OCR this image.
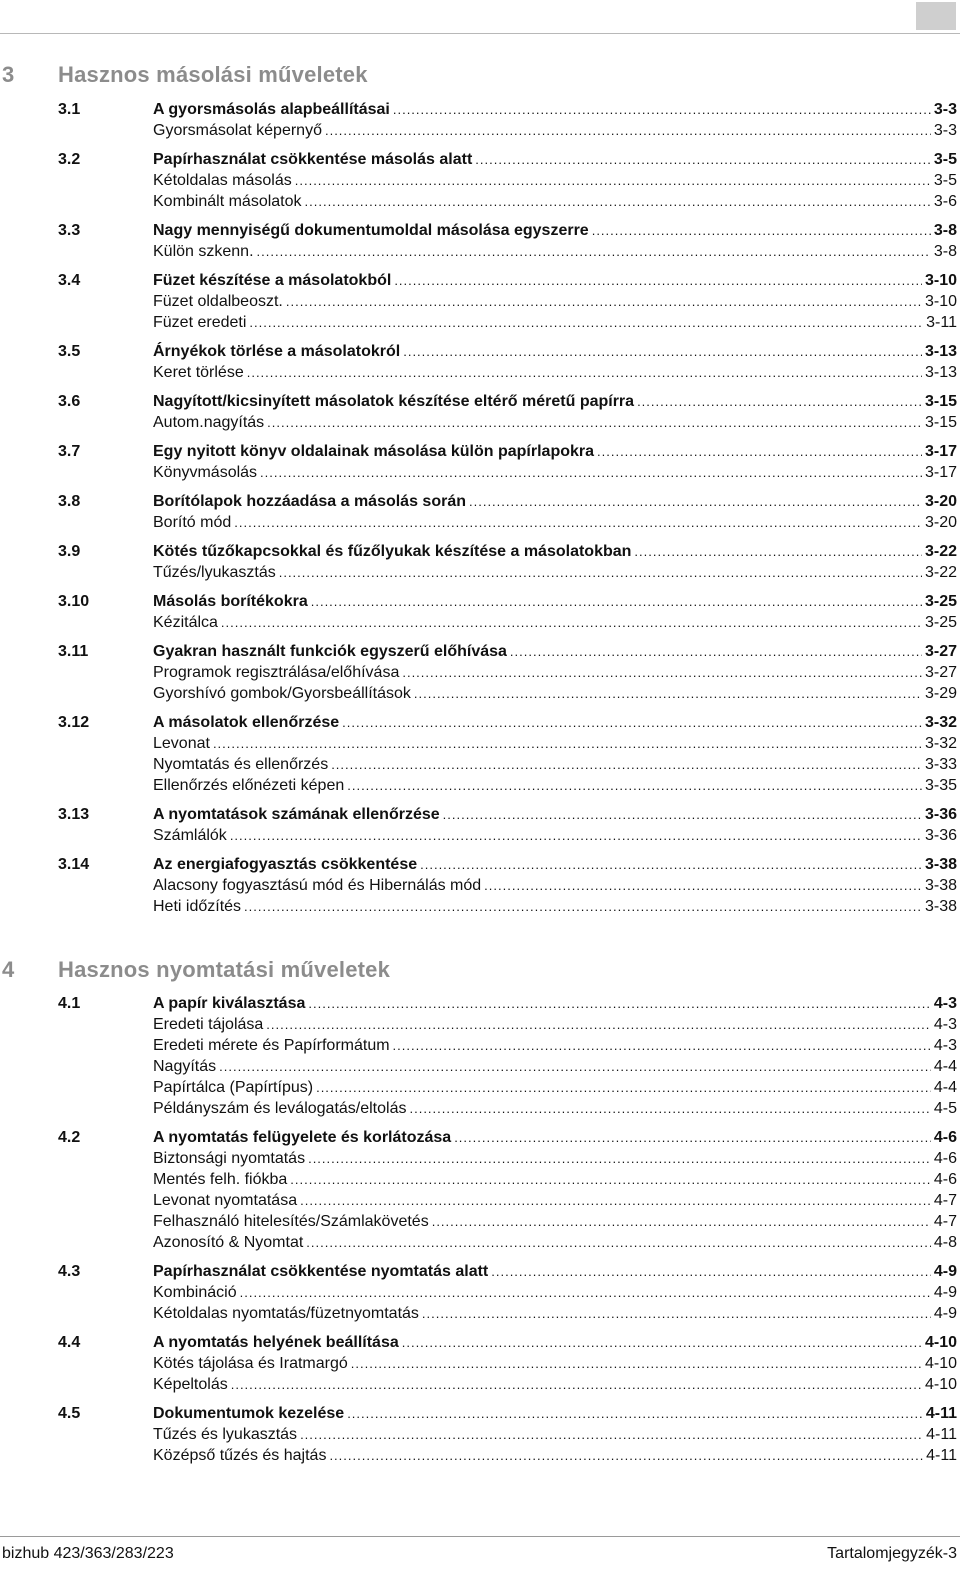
3 Hasznos másolási műveletek
3.1	A gyorsmásolás alapbeállításai .....	3-3
Gyorsmásolat képernyő .....	3-3
3.2	Papírhasználat csökkentése másolás alatt .....	3-5
Kétoldalas másolás .....	3-5
Kombinált másolatok .....	3-6
3.3	Nagy mennyiségű dokumentumoldal másolása egyszerre .....	3-8
Külön szkenn. .....	3-8
3.4	Füzet készítése a másolatokból .....	3-10
Füzet oldalbeoszt. .....	3-10
Füzet eredeti .....	3-11
3.5	Árnyékok törlése a másolatokról .....	3-13
Keret törlése .....	3-13
3.6	Nagyított/kicsinyített másolatok készítése eltérő méretű papírra .....	3-15
Autom.nagyítás .....	3-15
3.7	Egy nyitott könyv oldalainak másolása külön papírlapokra .....	3-17
Könyvmásolás .....	3-17
3.8	Borítólapok hozzáadása a másolás során .....	3-20
Borító mód .....	3-20
3.9	Kötés tűzőkapcsokkal és fűzőlyukak készítése a másolatokban .....	3-22
Tűzés/lyukasztás .....	3-22
3.10	Másolás borítékokra .....	3-25
Kézitálca .....	3-25
3.11	Gyakran használt funkciók egyszerű előhívása .....	3-27
Programok regisztrálása/előhívása .....	3-27
Gyorshívó gombok/Gyorsbeállítások .....	3-29
3.12	A másolatok ellenőrzése .....	3-32
Levonat .....	3-32
Nyomtatás és ellenőrzés .....	3-33
Ellenőrzés előnézeti képen .....	3-35
3.13	A nyomtatások számának ellenőrzése .....	3-36
Számlálók .....	3-36
3.14	Az energiafogyasztás csökkentése .....	3-38
Alacsony fogyasztású mód és Hibernálás mód .....	3-38
Heti időzítés .....	3-38
4 Hasznos nyomtatási műveletek
4.1	A papír kiválasztása .....	4-3
Eredeti tájolása .....	4-3
Eredeti mérete és Papírformátum .....	4-3
Nagyítás .....	4-4
Papírtálca (Papírtípus) .....	4-4
Példányszám és leválogatás/eltolás .....	4-5
4.2	A nyomtatás felügyelete és korlátozása .....	4-6
Biztonsági nyomtatás .....	4-6
Mentés felh. fiókba .....	4-6
Levonat nyomtatása .....	4-7
Felhasználó hitelesítés/Számlakövetés .....	4-7
Azonosító & Nyomtat .....	4-8
4.3	Papírhasználat csökkentése nyomtatás alatt .....	4-9
Kombináció .....	4-9
Kétoldalas nyomtatás/füzetnyomtatás .....	4-9
4.4	A nyomtatás helyének beállítása .....	4-10
Kötés tájolása és Iratmargó .....	4-10
Képeltolás .....	4-10
4.5	Dokumentumok kezelése .....	4-11
Tűzés és lyukasztás .....	4-11
Középső tűzés és hajtás .....	4-11
bizhub 423/363/283/223	Tartalomjegyzék-3
